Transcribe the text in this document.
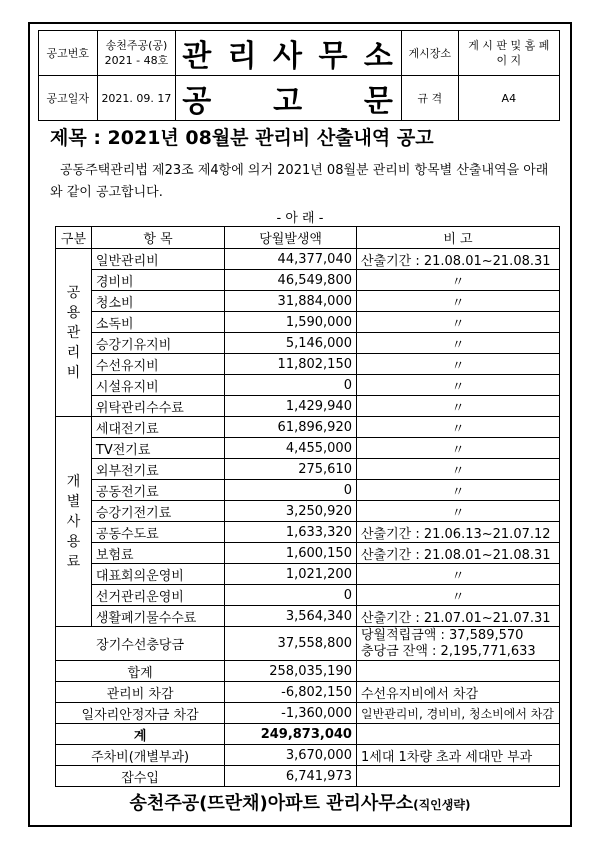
공고번호	송천주공(공) 2021 - 48호	관 리 사 무 소	게시장소	게 시 판 및 홈 페 이 지
공고일자	2021. 09. 17	공 고 문	규 격	A4
제목 : 2021년 08월분 관리비 산출내역 공고
공동주택관리법 제23조 제4항에 의거 2021년 08월분 관리비 항목별 산출내역을 아래와 같이 공고합니다.
- 아 래 -
구분	항 목	당월발생액	비 고
공
용
관
리
비	일반관리비	44,377,040	산출기간 : 21.08.01~21.08.31
	경비비	46,549,800	〃
	청소비	31,884,000	〃
	소독비	1,590,000	〃
	승강기유지비	5,146,000	〃
	수선유지비	11,802,150	〃
	시설유지비	0	〃
	위탁관리수수료	1,429,940	〃
개
별
사
용
료	세대전기료	61,896,920	〃
	TV전기료	4,455,000	〃
	외부전기료	275,610	〃
	공동전기료	0	〃
	승강기전기료	3,250,920	〃
	공동수도료	1,633,320	산출기간 : 21.06.13~21.07.12
	보험료	1,600,150	산출기간 : 21.08.01~21.08.31
	대표회의운영비	1,021,200	〃
	선거관리운영비	0	〃
	생활폐기물수수료	3,564,340	산출기간 : 21.07.01~21.07.31
장기수선충당금		37,558,800	당월적립금액 : 37,589,570
충당금 잔액 : 2,195,771,633

합계		258,035,190	
관리비 차감		-6,802,150	수선유지비에서 차감
일자리안정자금 차감		-1,360,000	일반관리비, 경비비, 청소비에서 차감
계		249,873,040	
주차비(개별부과)		3,670,000	1세대 1차량 초과 세대만 부과
잡수입		6,741,973	
송천주공(뜨란채)아파트 관리사무소(직인생략)
